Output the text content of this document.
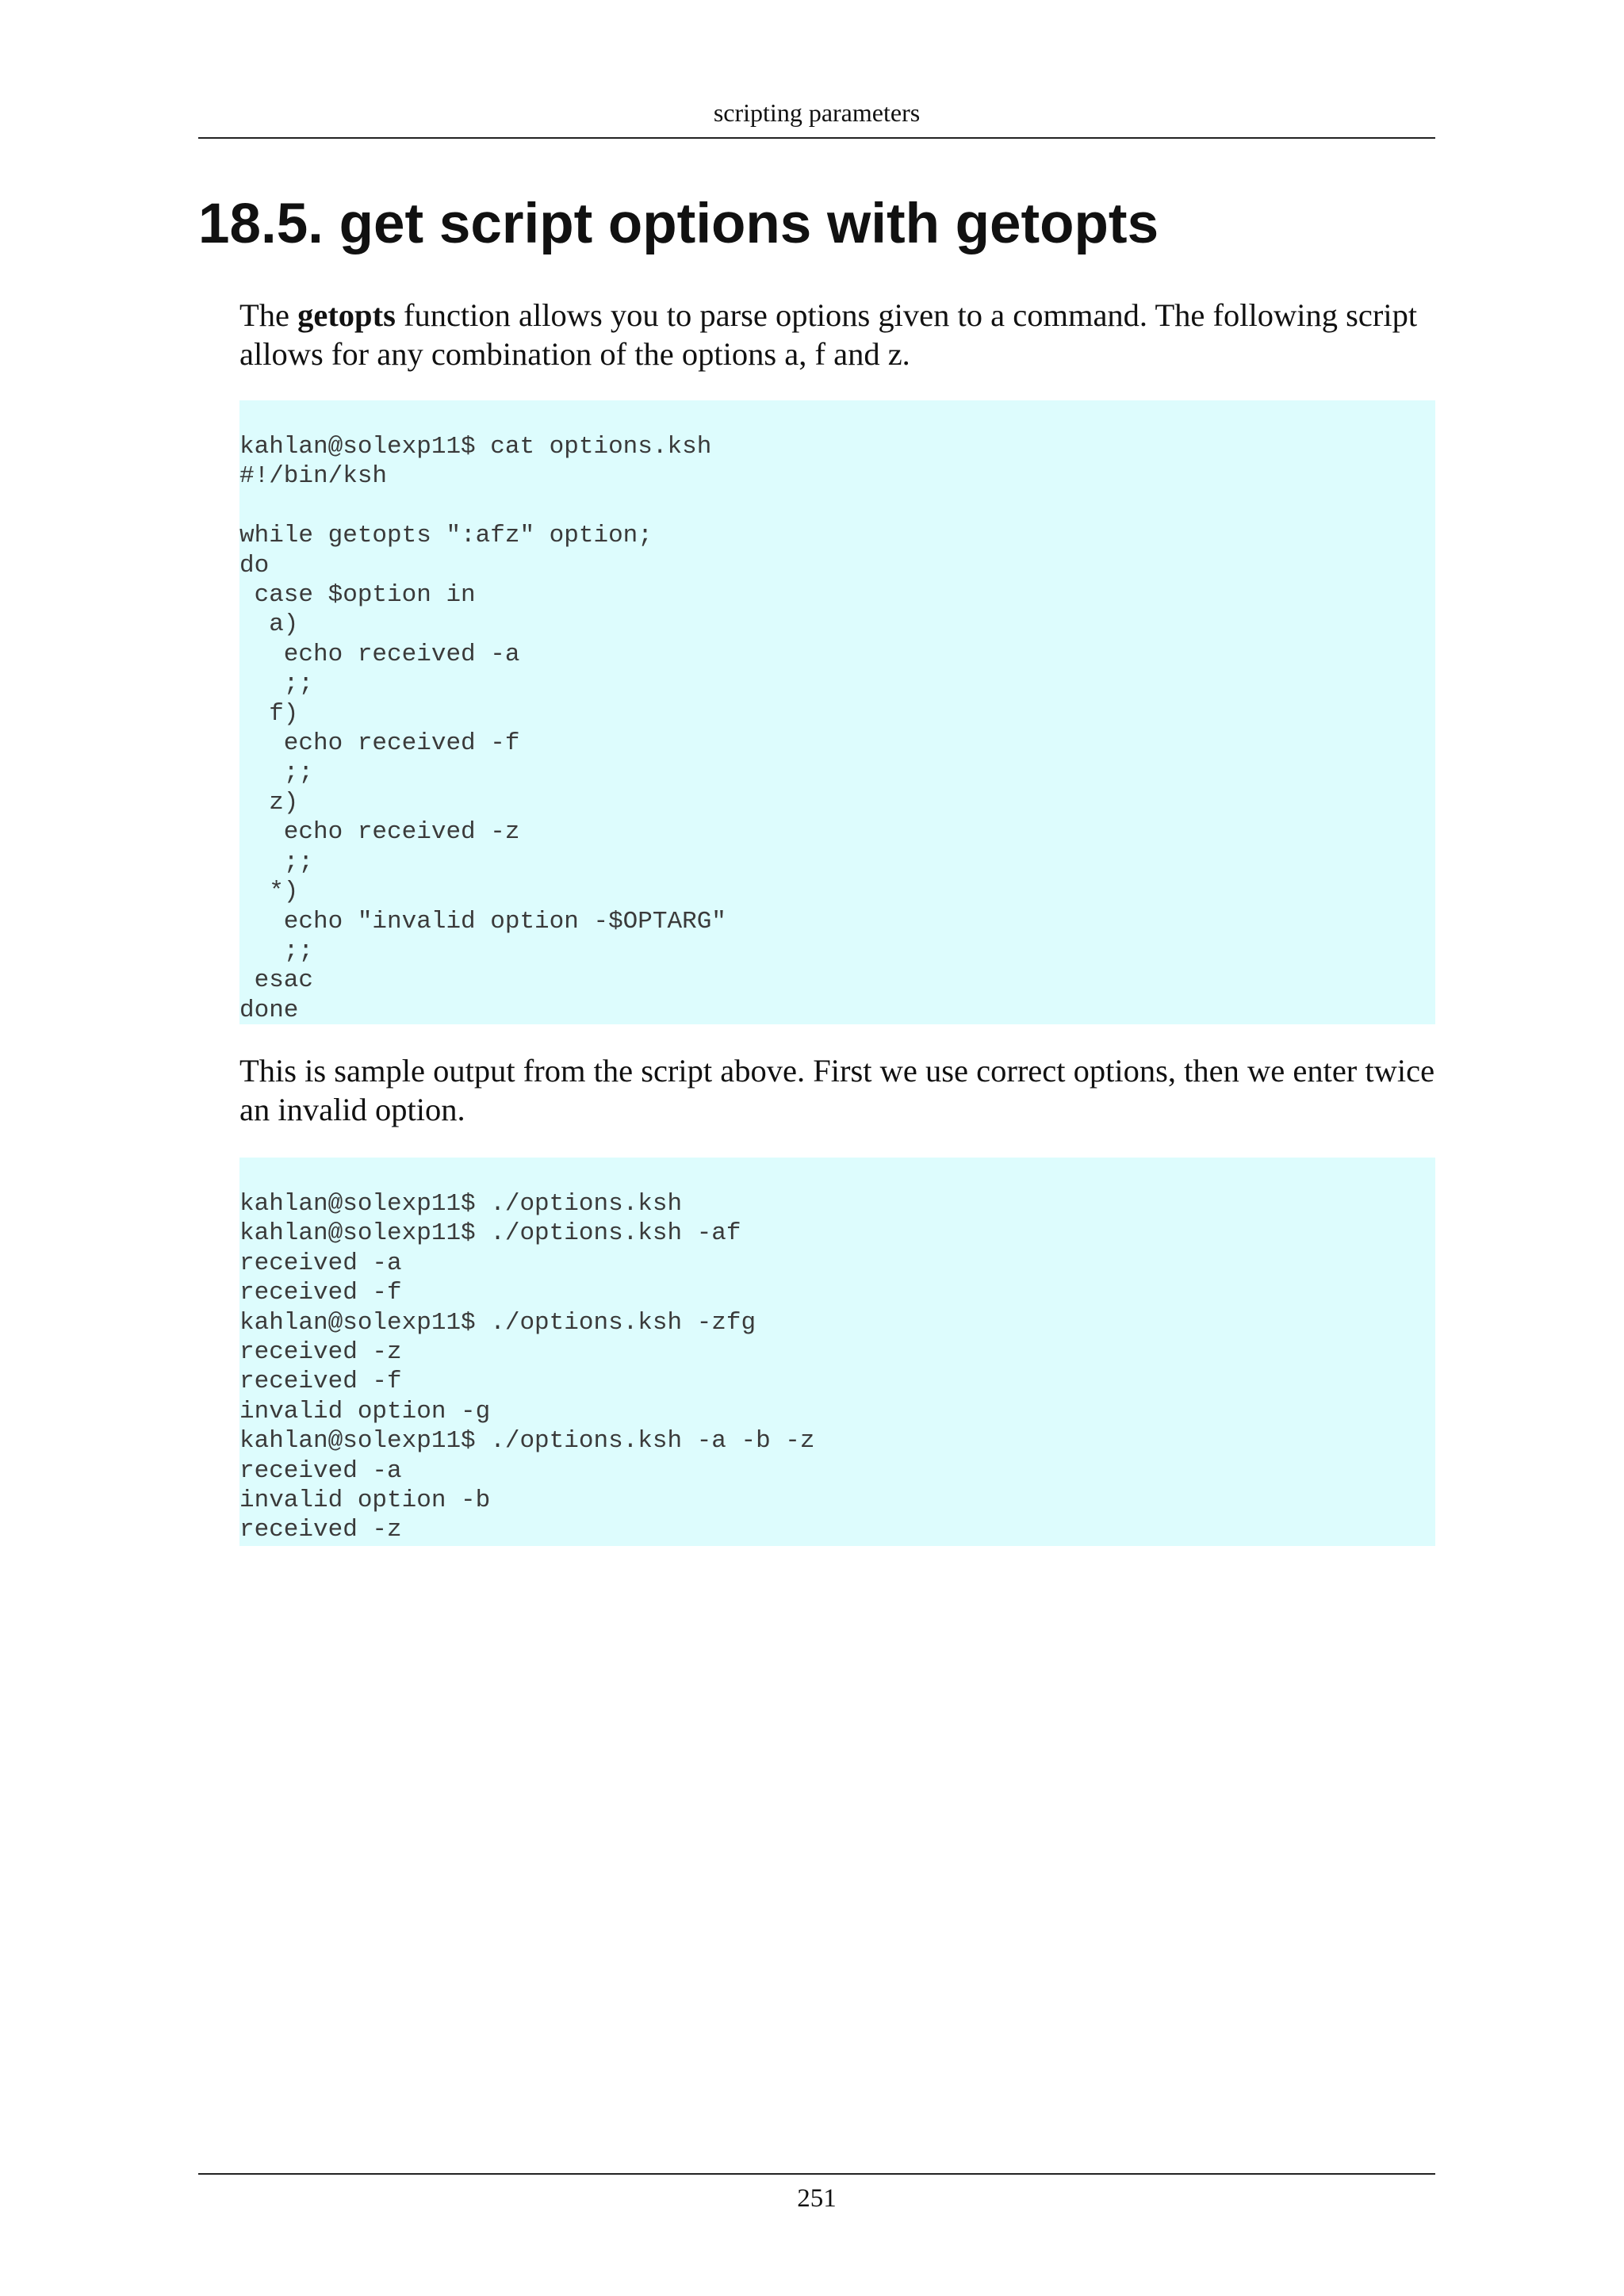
scripting parameters
18.5. get script options with getopts

The getopts function allows you to parse options given to a command. The following script allows for any combination of the options a, f and z.

kahlan@solexp11$ cat options.ksh
#!/bin/ksh

while getopts ":afz" option;
do
case $option in
a)
echo received -a
;;
f)
echo received -f
;;
z)
echo received -z
;;
*)
echo "invalid option -$OPTARG"
;;
esac
done

This is sample output from the script above. First we use correct options, then we enter twice an invalid option.

kahlan@solexp11$ ./options.ksh
kahlan@solexp11$ ./options.ksh -af
received -a
received -f
kahlan@solexp11$ ./options.ksh -zfg
received -z
received -f
invalid option -g
kahlan@solexp11$ ./options.ksh -a -b -z
received -a
invalid option -b
received -z
251
